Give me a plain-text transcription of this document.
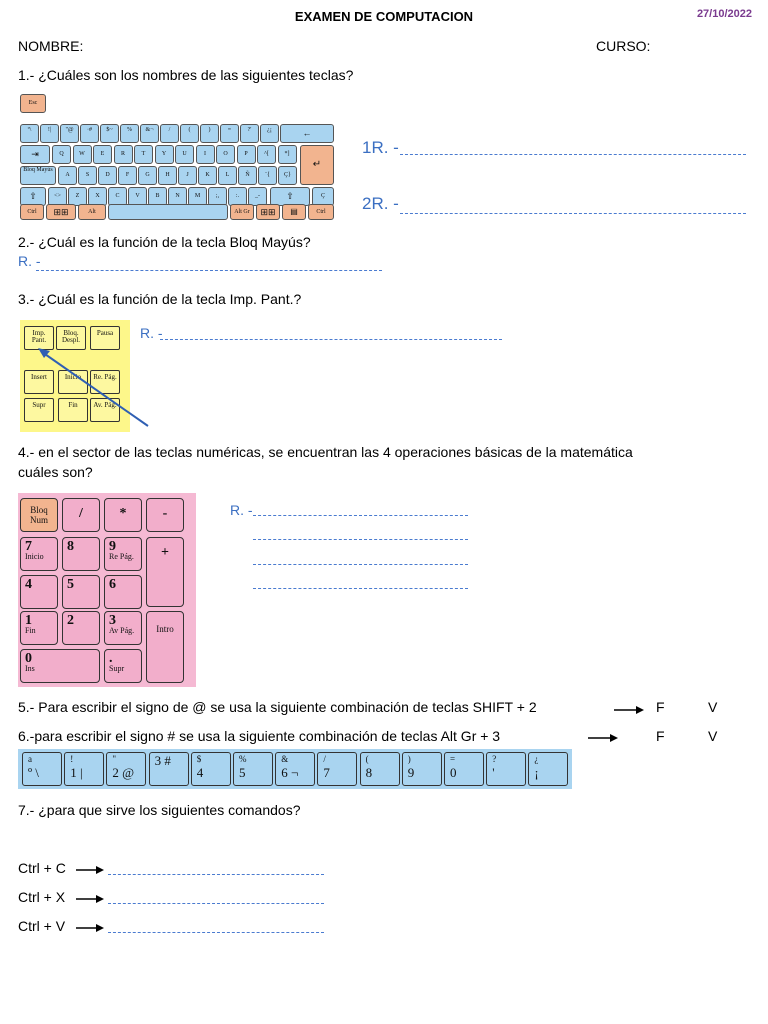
EXAMEN DE COMPUTACION	27/10/2022
NOMBRE:	CURSO:
1.- ¿Cuáles son los nombres de las siguientes teclas?
Esc
º\	!|	"@	·#	$~	%	&¬	/	(	)	=	?'	¿¡	←
⇥	Q	W	E	R	T	Y	U	I	O	P	^[	*]
↵
Bloq Mayús
A	S	D	F	G	H	J	K	L	Ñ	¨{	Ç}
⇧	<>	Z	X	C	V	B	N	M	;,	:.	_-	⇧	Ç
Ctrl	⊞⊞	Alt	Alt Gr	⊞⊞	▤	Ctrl
1R. -
2R. -
2.- ¿Cuál es la función de la tecla Bloq Mayús?
R. -
3.- ¿Cuál es la función de la tecla Imp. Pant.?
Imp. Pant.
Bloq. Despl.
Pausa
Insert	Inicio	Re. Pág.
Supr	Fin	Av. Pág.
R. -
4.- en el sector de las teclas numéricas, se encuentran las 4 operaciones básicas de la matemática
cuáles son?
Bloq Num	/	*	-
7
Inicio
8	9
Re Pág.	+
4	5	6
1
Fin
2	3
Av Pág.	Intro
0
Ins
.
Supr
R. -
5.- Para escribir el signo de @ se usa la siguiente combinación de teclas SHIFT + 2	F	V
6.-para escribir el signo # se usa la siguiente combinación de teclas Alt Gr + 3	F	V
a
º \
!
1 |
"
2 @
3 #	$
4
%
5
&
6 ¬
/
7
(
8
)
9
=
0
?
'
¿
¡
7.- ¿para que sirve los siguientes comandos?
Ctrl + C
Ctrl + X
Ctrl + V
